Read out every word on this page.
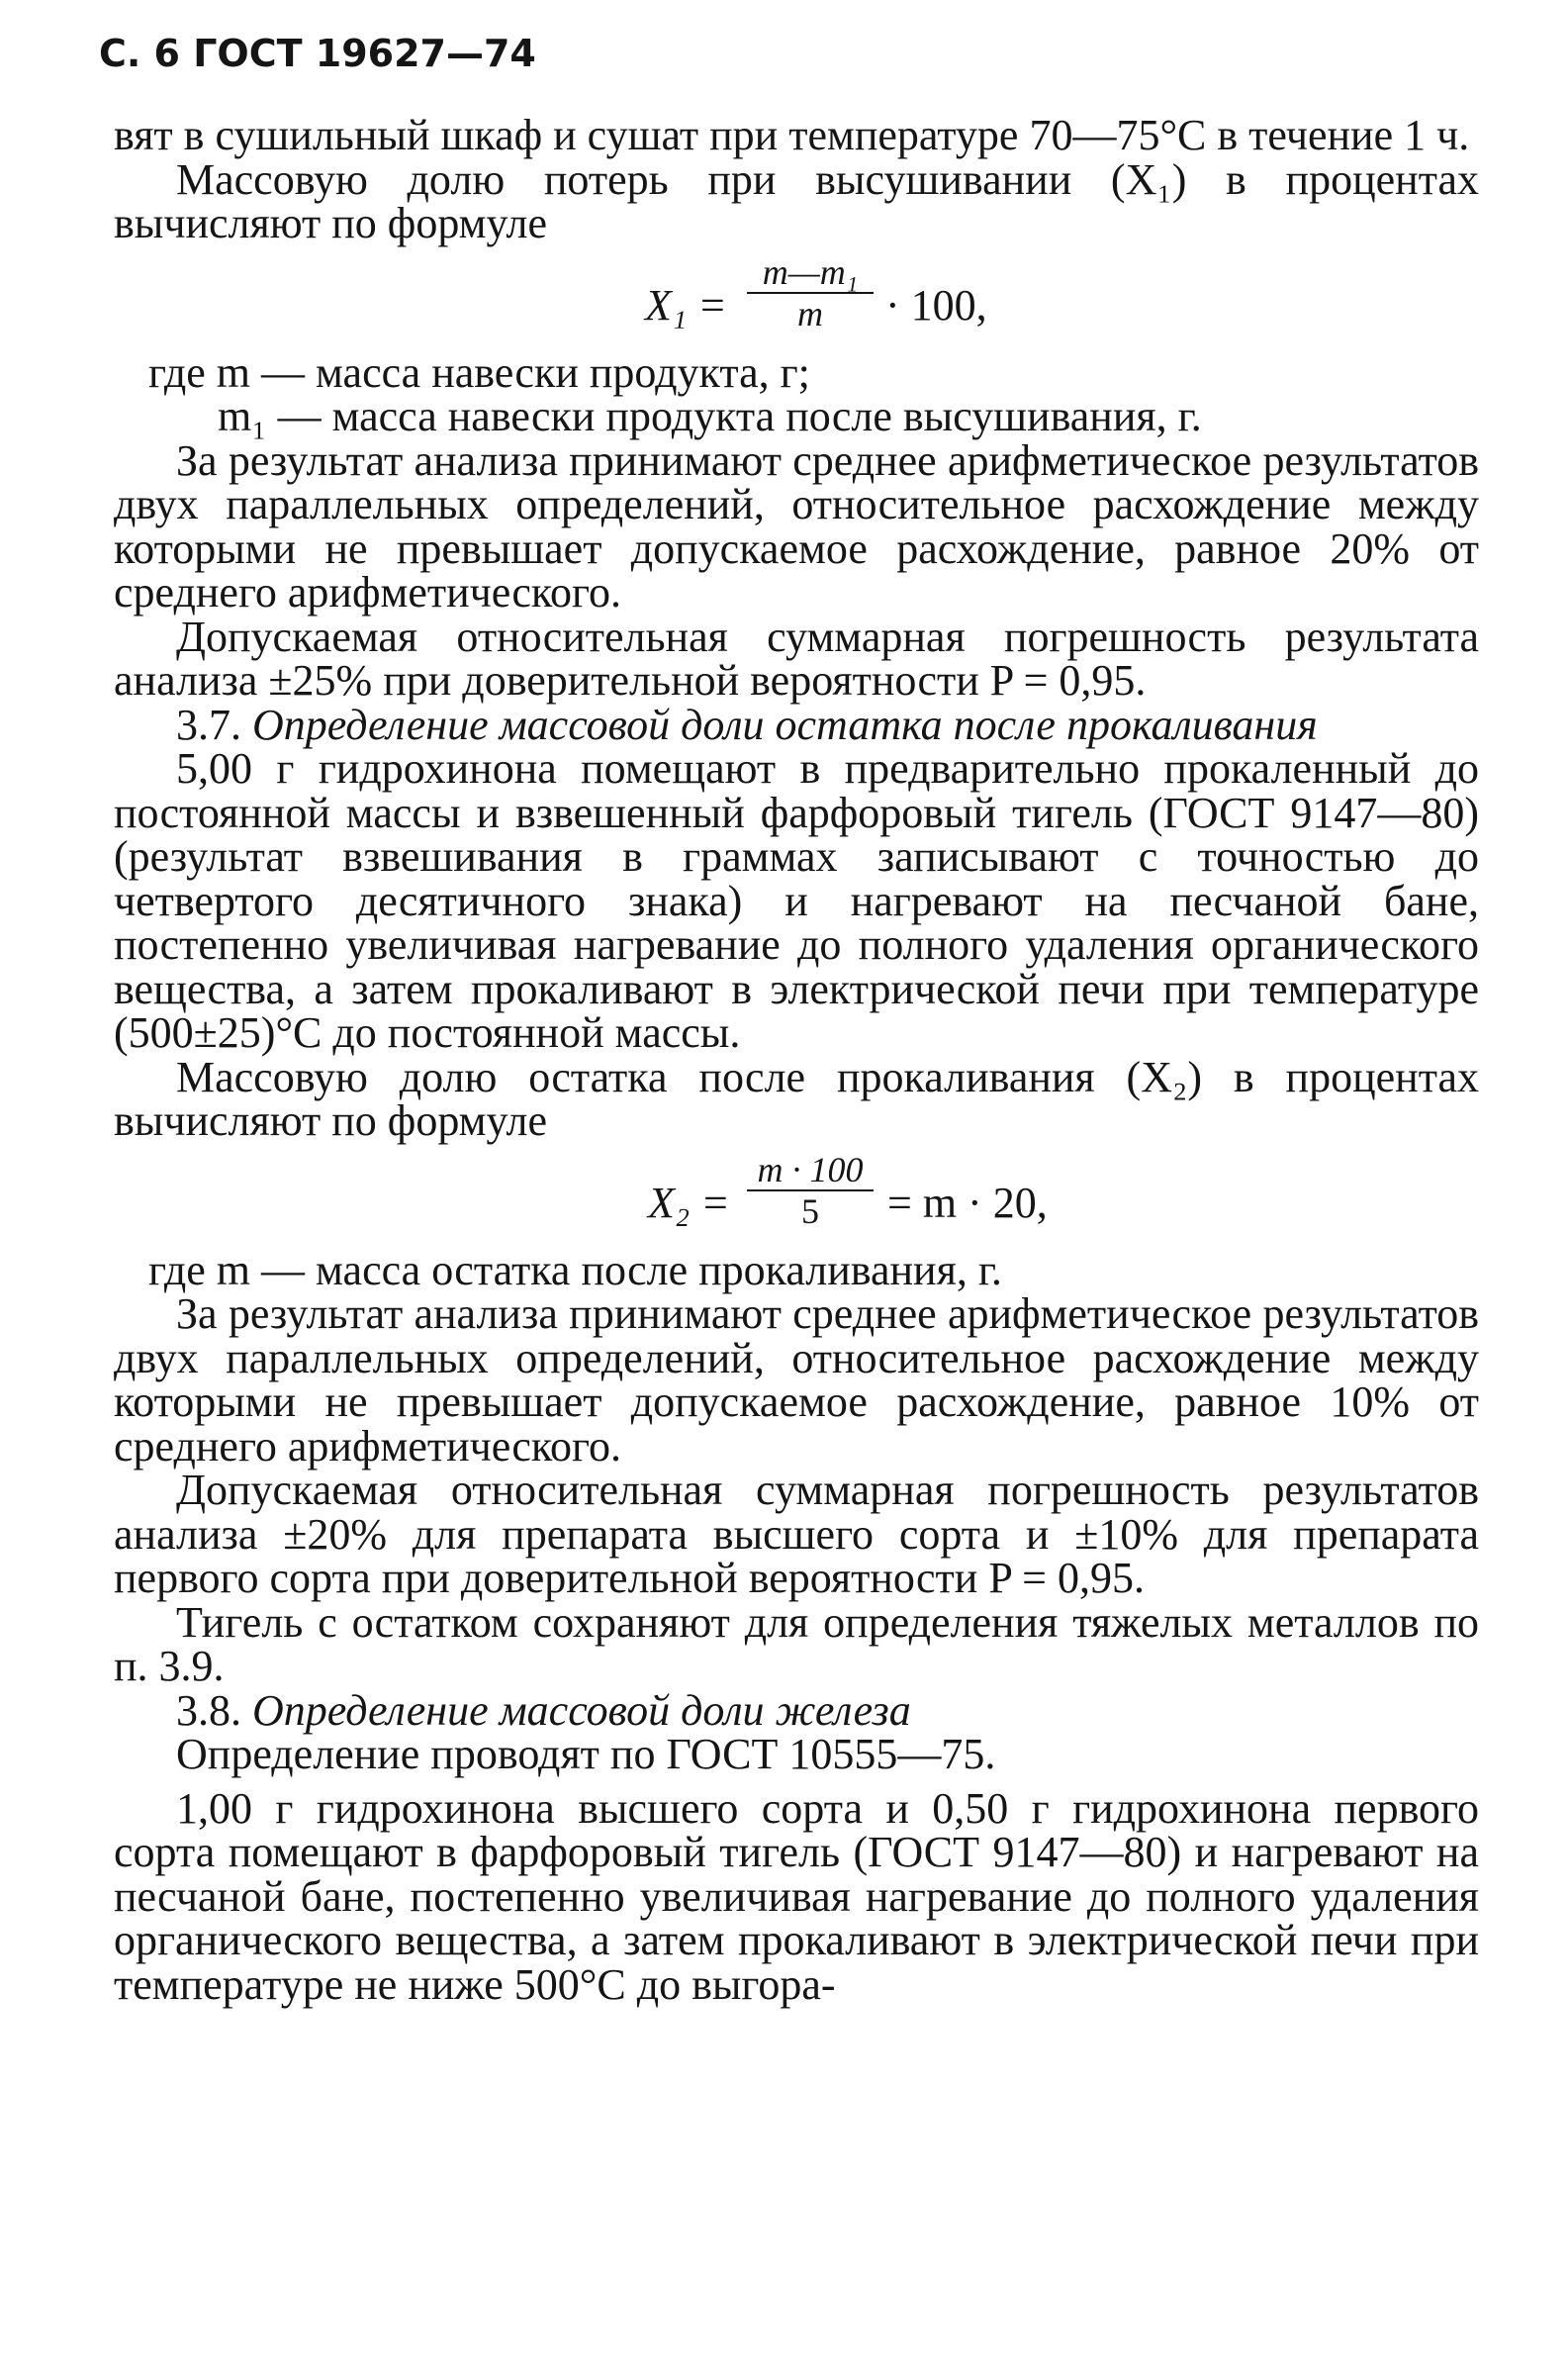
С. 6 ГОСТ 19627—74

вят в сушильный шкаф и сушат при температуре 70—75°С в течение 1 ч.

Массовую долю потерь при высушивании (X₁) в процентах вычисляют по формуле

X₁ =
m—m₁
m	· 100,

где m — масса навески продукта, г;

m₁ — масса навески продукта после высушивания, г.

За результат анализа принимают среднее арифметическое результатов двух параллельных определений, относительное расхождение между которыми не превышает допускаемое расхождение, равное 20% от среднего арифметического.

Допускаемая относительная суммарная погрешность результата анализа ±25% при доверительной вероятности P = 0,95.

3.7. Определение массовой доли остатка после прокаливания

5,00 г гидрохинона помещают в предварительно прокаленный до постоянной массы и взвешенный фарфоровый тигель (ГОСТ 9147—80) (результат взвешивания в граммах записывают с точностью до четвертого десятичного знака) и нагревают на песчаной бане, постепенно увеличивая нагревание до полного удаления органического вещества, а затем прокаливают в электрической печи при температуре (500±25)°С до постоянной массы.

Массовую долю остатка после прокаливания (X₂) в процентах вычисляют по формуле

X₂ =
m · 100
5	= m · 20,

где m — масса остатка после прокаливания, г.

За результат анализа принимают среднее арифметическое результатов двух параллельных определений, относительное расхождение между которыми не превышает допускаемое расхождение, равное 10% от среднего арифметического.

Допускаемая относительная суммарная погрешность результатов анализа ±20% для препарата высшего сорта и ±10% для препарата первого сорта при доверительной вероятности P = 0,95.

Тигель с остатком сохраняют для определения тяжелых металлов по п. 3.9.

3.8. Определение массовой доли железа

Определение проводят по ГОСТ 10555—75.

1,00 г гидрохинона высшего сорта и 0,50 г гидрохинона первого сорта помещают в фарфоровый тигель (ГОСТ 9147—80) и нагревают на песчаной бане, постепенно увеличивая нагревание до полного удаления органического вещества, а затем прокаливают в электрической печи при температуре не ниже 500°С до выгора-
